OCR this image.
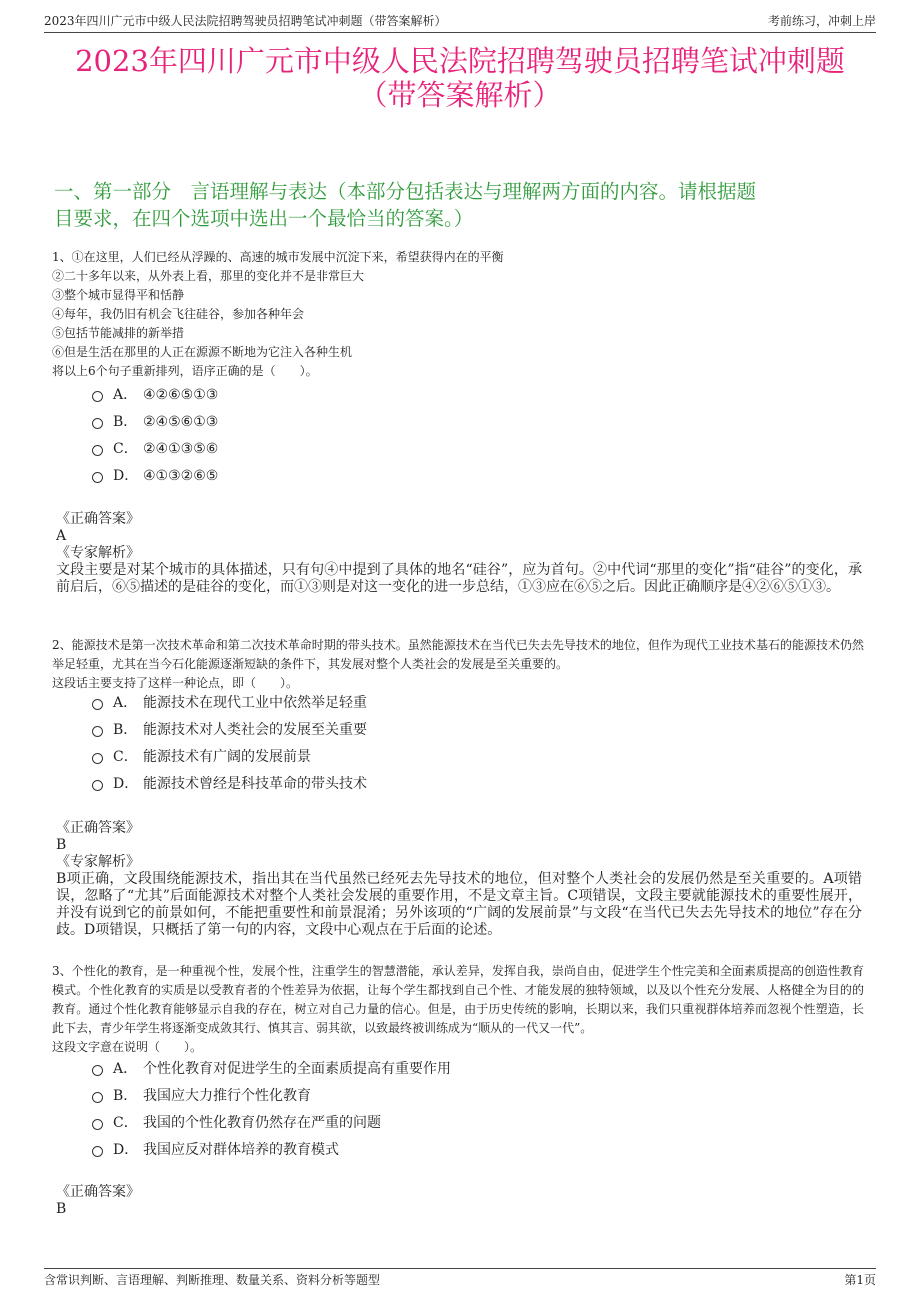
2023年四川广元市中级人民法院招聘驾驶员招聘笔试冲刺题（带答案解析）	考前练习，冲刺上岸
2023年四川广元市中级人民法院招聘驾驶员招聘笔试冲刺题
（带答案解析）
一、第一部分　言语理解与表达（本部分包括表达与理解两方面的内容。请根据题
目要求，在四个选项中选出一个最恰当的答案。）
1、①在这里，人们已经从浮躁的、高速的城市发展中沉淀下来，希望获得内在的平衡
②二十多年以来，从外表上看，那里的变化并不是非常巨大
③整个城市显得平和恬静
④每年，我仍旧有机会飞往硅谷，参加各种年会
⑤包括节能减排的新举措
⑥但是生活在那里的人正在源源不断地为它注入各种生机
将以上6个句子重新排列，语序正确的是（　　）。
A． ④②⑥⑤①③
B． ②④⑤⑥①③
C． ②④①③⑤⑥
D． ④①③②⑥⑤
《正确答案》
A
《专家解析》
文段主要是对某个城市的具体描述，只有句④中提到了具体的地名“硅谷”，应为首句。②中代词“那里的变化”指“硅谷”的变化，承前启后，⑥⑤描述的是硅谷的变化，而①③则是对这一变化的进一步总结，①③应在⑥⑤之后。因此正确顺序是④②⑥⑤①③。
2、能源技术是第一次技术革命和第二次技术革命时期的带头技术。虽然能源技术在当代已失去先导技术的地位，但作为现代工业技术基石的能源技术仍然举足轻重，尤其在当今石化能源逐渐短缺的条件下，其发展对整个人类社会的发展是至关重要的。
这段话主要支持了这样一种论点，即（　　）。
A． 能源技术在现代工业中依然举足轻重
B． 能源技术对人类社会的发展至关重要
C． 能源技术有广阔的发展前景
D． 能源技术曾经是科技革命的带头技术
《正确答案》
B
《专家解析》
B项正确，文段围绕能源技术，指出其在当代虽然已经死去先导技术的地位，但对整个人类社会的发展仍然是至关重要的。A项错误，忽略了“尤其”后面能源技术对整个人类社会发展的重要作用，不是文章主旨。C项错误，文段主要就能源技术的重要性展开，并没有说到它的前景如何，不能把重要性和前景混淆；另外该项的“广阔的发展前景”与文段“在当代已失去先导技术的地位”存在分歧。D项错误，只概括了第一句的内容，文段中心观点在于后面的论述。
3、个性化的教育，是一种重视个性，发展个性，注重学生的智慧潜能，承认差异，发挥自我，崇尚自由，促进学生个性完美和全面素质提高的创造性教育模式。个性化教育的实质是以受教育者的个性差异为依据，让每个学生都找到自己个性、才能发展的独特领域，以及以个性充分发展、人格健全为目的的教育。通过个性化教育能够显示自我的存在，树立对自己力量的信心。但是，由于历史传统的影响，长期以来，我们只重视群体培养而忽视个性塑造，长此下去，青少年学生将逐渐变成敛其行、慎其言、弱其欲，以致最终被训练成为“顺从的一代又一代”。
这段文字意在说明（　　）。
A． 个性化教育对促进学生的全面素质提高有重要作用
B． 我国应大力推行个性化教育
C． 我国的个性化教育仍然存在严重的问题
D． 我国应反对群体培养的教育模式
《正确答案》
B
含常识判断、言语理解、判断推理、数量关系、资料分析等题型	第1页
